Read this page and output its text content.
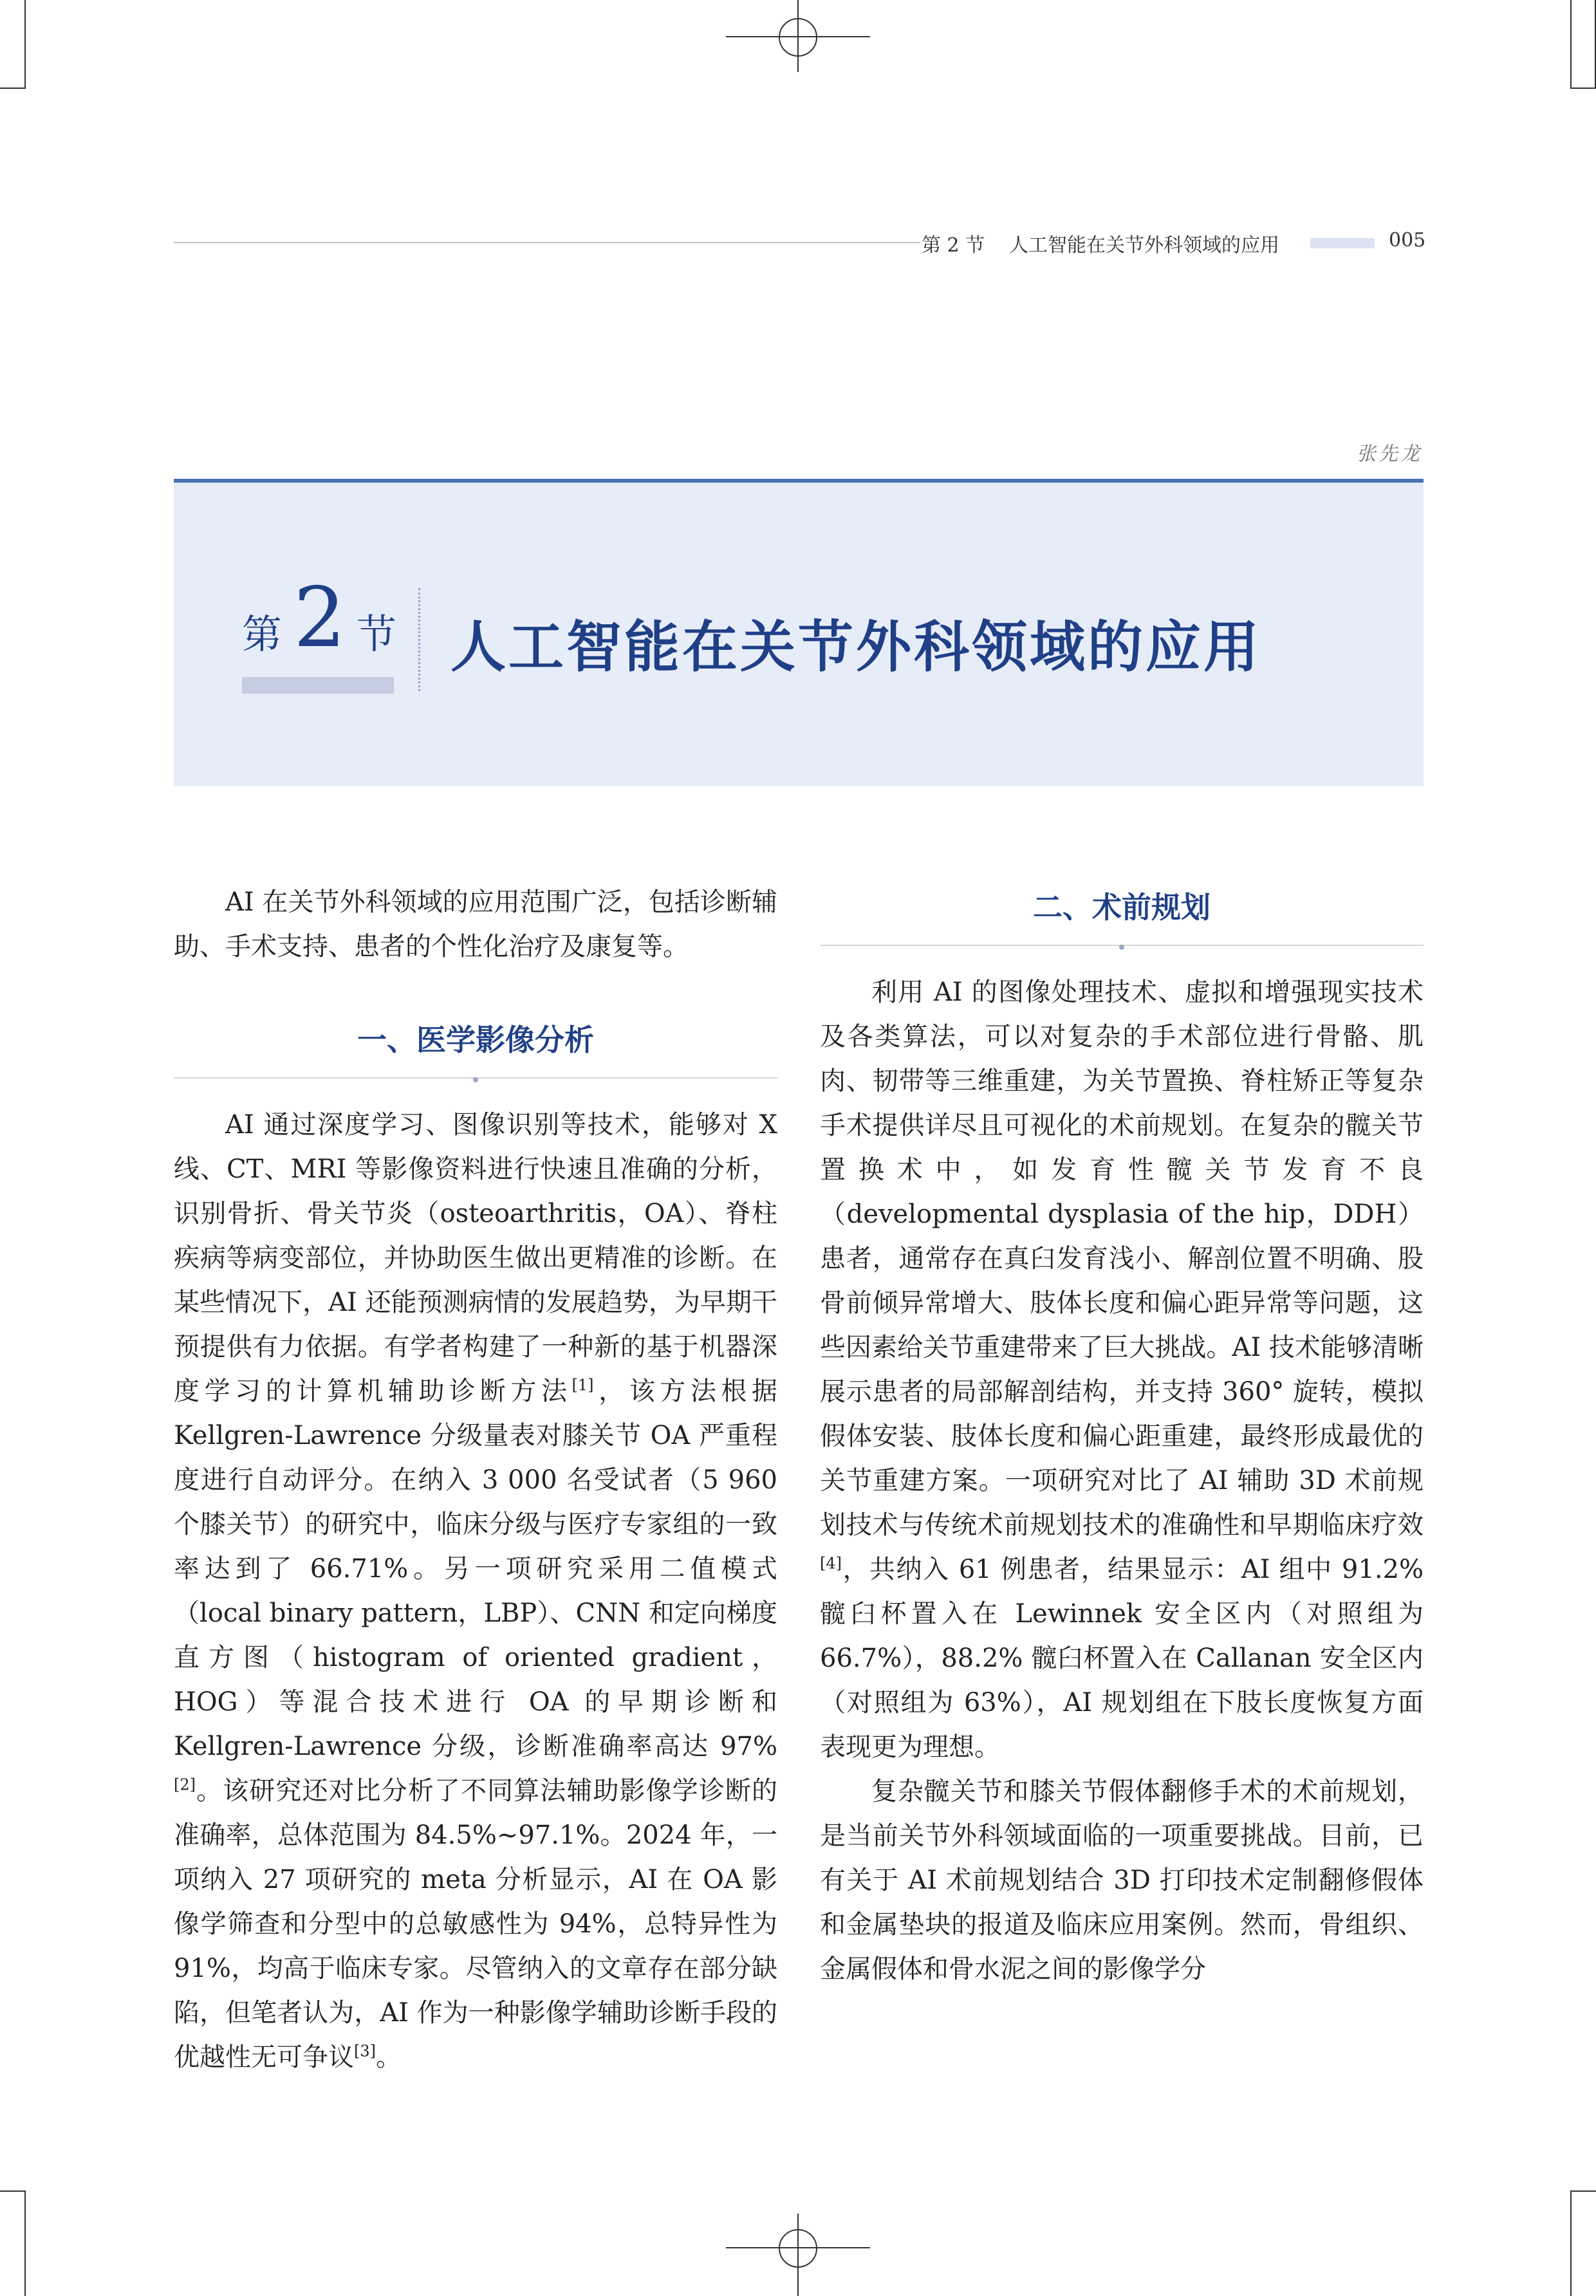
第 2 节 人工智能在关节外科领域的应用	005
张先龙
第 2 节 人工智能在关节外科领域的应用

AI 在关节外科领域的应用范围广泛，包括诊断辅助、手术支持、患者的个性化治疗及康复等。

一、医学影像分析

AI 通过深度学习、图像识别等技术，能够对 X 线、CT、MRI 等影像资料进行快速且准确的分析，识别骨折、骨关节炎（osteoarthritis，OA）、脊柱疾病等病变部位，并协助医生做出更精准的诊断。在某些情况下，AI 还能预测病情的发展趋势，为早期干预提供有力依据。有学者构建了一种新的基于机器深度学习的计算机辅助诊断方法[1]，该方法根据 Kellgren-Lawrence 分级量表对膝关节 OA 严重程度进行自动评分。在纳入 3 000 名受试者（5 960 个膝关节）的研究中，临床分级与医疗专家组的一致率达到了 66.71%。另一项研究采用二值模式（local binary pattern，LBP）、CNN 和定向梯度直方图（histogram of oriented gradient，HOG）等混合技术进行 OA 的早期诊断和 Kellgren-Lawrence 分级，诊断准确率高达 97%[2]。该研究还对比分析了不同算法辅助影像学诊断的准确率，总体范围为 84.5%~97.1%。2024 年，一项纳入 27 项研究的 meta 分析显示，AI 在 OA 影像学筛查和分型中的总敏感性为 94%，总特异性为 91%，均高于临床专家。尽管纳入的文章存在部分缺陷，但笔者认为，AI 作为一种影像学辅助诊断手段的优越性无可争议[3]。

二、术前规划

利用 AI 的图像处理技术、虚拟和增强现实技术及各类算法，可以对复杂的手术部位进行骨骼、肌肉、韧带等三维重建，为关节置换、脊柱矫正等复杂手术提供详尽且可视化的术前规划。在复杂的髋关节置换术中，如发育性髋关节发育不良（developmental dysplasia of the hip，DDH）患者，通常存在真臼发育浅小、解剖位置不明确、股骨前倾异常增大、肢体长度和偏心距异常等问题，这些因素给关节重建带来了巨大挑战。AI 技术能够清晰展示患者的局部解剖结构，并支持 360° 旋转，模拟假体安装、肢体长度和偏心距重建，最终形成最优的关节重建方案。一项研究对比了 AI 辅助 3D 术前规划技术与传统术前规划技术的准确性和早期临床疗效[4]，共纳入 61 例患者，结果显示：AI 组中 91.2% 髋臼杯置入在 Lewinnek 安全区内（对照组为 66.7%），88.2% 髋臼杯置入在 Callanan 安全区内（对照组为 63%），AI 规划组在下肢长度恢复方面表现更为理想。

复杂髋关节和膝关节假体翻修手术的术前规划，是当前关节外科领域面临的一项重要挑战。目前，已有关于 AI 术前规划结合 3D 打印技术定制翻修假体和金属垫块的报道及临床应用案例。然而，骨组织、金属假体和骨水泥之间的影像学分
